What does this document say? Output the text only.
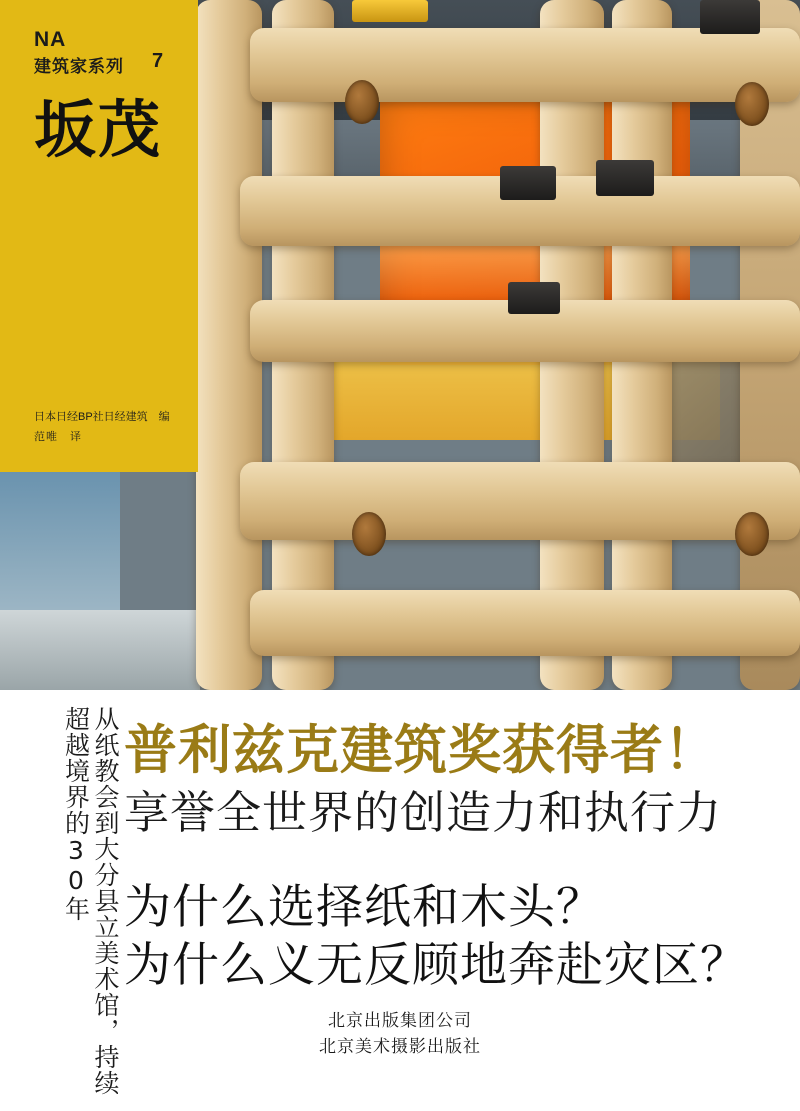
NA
建筑家系列 7
坂茂
日本日经BP社日经建筑　编
范唯　译
从纸教会到大分县立美术馆，持续超越境界的30年 普利兹克建筑奖获得者！
享誉全世界的创造力和执行力
为什么选择纸和木头？
为什么义无反顾地奔赴灾区？
北京出版集团公司
北京美术摄影出版社
